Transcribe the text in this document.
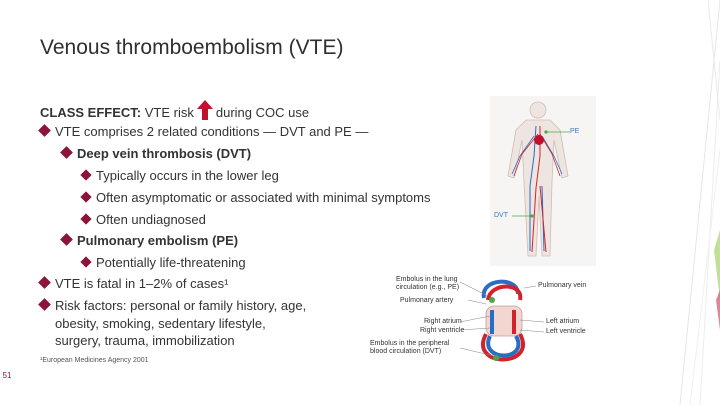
Venous thromboembolism (VTE)
CLASS EFFECT: VTE risk during COC use
VTE comprises 2 related conditions — DVT and PE —
Deep vein thrombosis (DVT)
Typically occurs in the lower leg
Often asymptomatic or associated with minimal symptoms
Often undiagnosed
Pulmonary embolism (PE)
Potentially life-threatening
VTE is fatal in 1–2% of cases¹
Risk factors: personal or family history, age,
obesity, smoking, sedentary lifestyle,
surgery, trauma, immobilization
¹European Medicines Agency 2001
51
PE
DVT
Embolus in the lung
circulation (e.g., PE)
Pulmonary artery
Right atrium
Right ventricle
Embolus in the peripheral
blood circulation (DVT)
Pulmonary vein
Left atrium
Left ventricle
